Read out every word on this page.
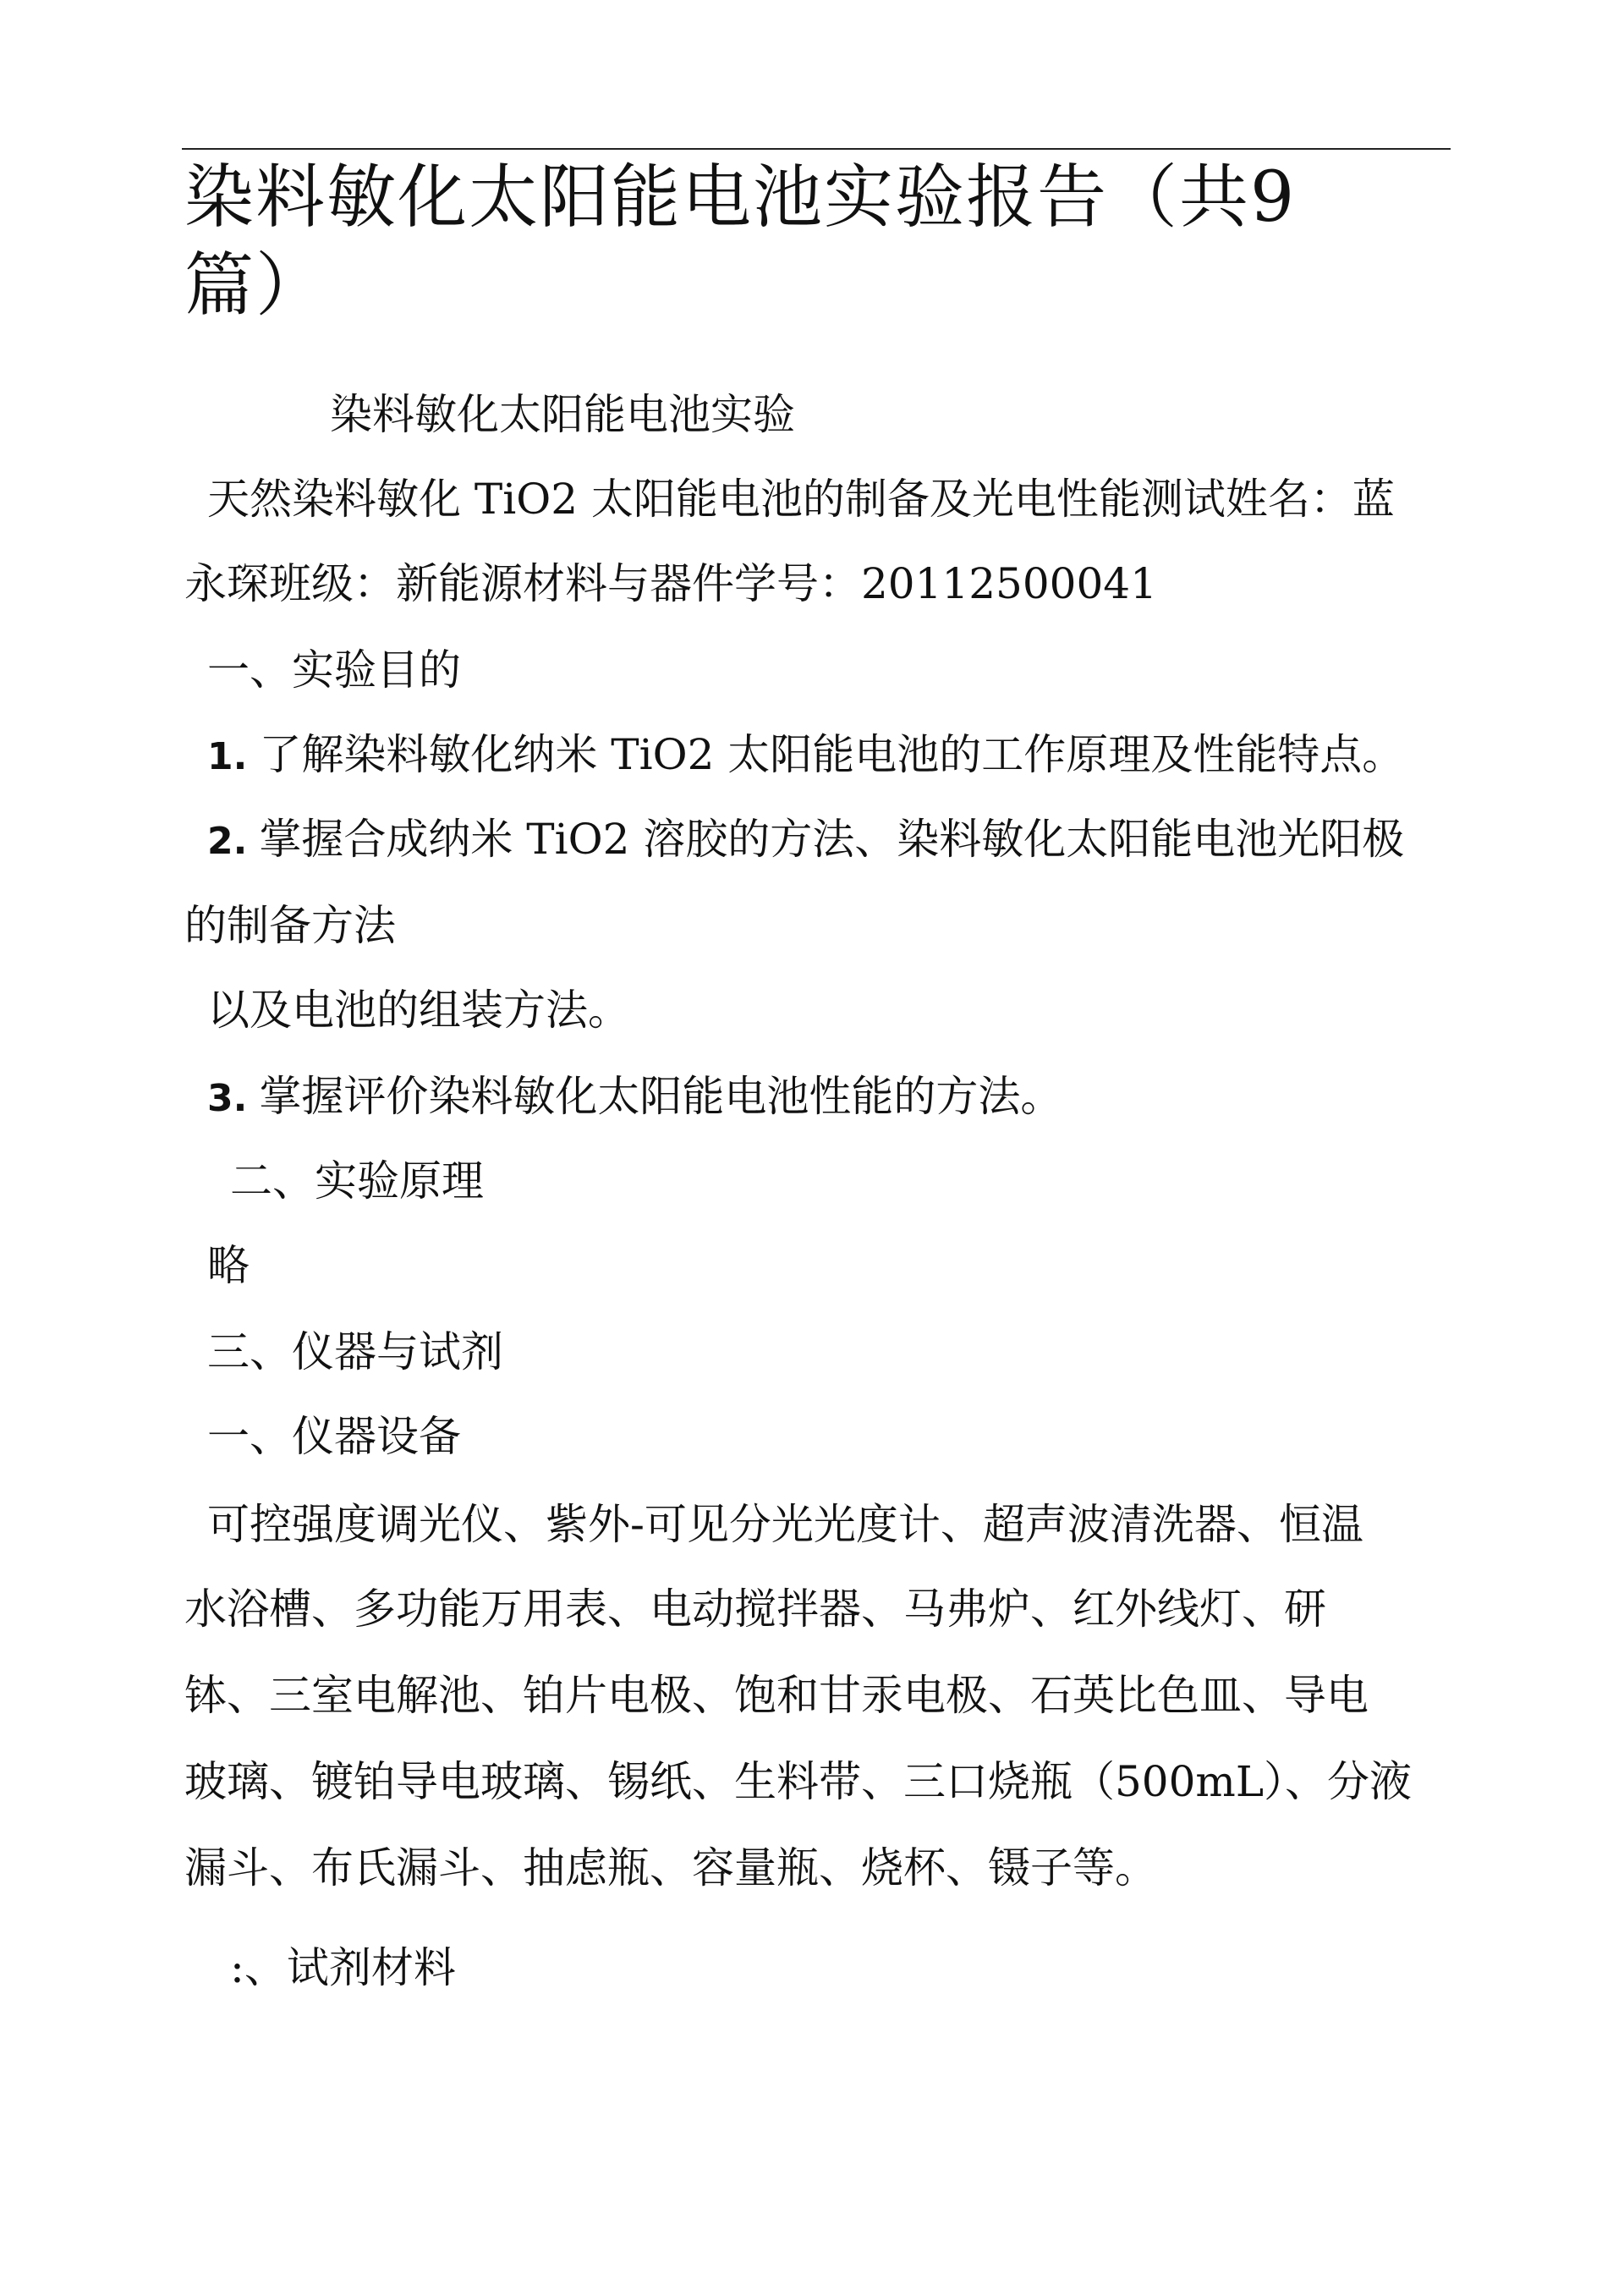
染料敏化太阳能电池实验报告（共9篇）

染料敏化太阳能电池实验

天然染料敏化 TiO2 太阳能电池的制备及光电性能测试姓名：蓝

永琛班级：新能源材料与器件学号：20112500041

一、实验目的

1. 了解染料敏化纳米 TiO2 太阳能电池的工作原理及性能特点。

2. 掌握合成纳米 TiO2 溶胶的方法、染料敏化太阳能电池光阳极

的制备方法

以及电池的组装方法。

3. 掌握评价染料敏化太阳能电池性能的方法。

二、实验原理

略

三、仪器与试剂

一、仪器设备

可控强度调光仪、紫外-可见分光光度计、超声波清洗器、恒温

水浴槽、多功能万用表、电动搅拌器、马弗炉、红外线灯、研

钵、三室电解池、铂片电极、饱和甘汞电极、石英比色皿、导电

玻璃、镀铂导电玻璃、锡纸、生料带、三口烧瓶（500mL）、分液

漏斗、布氏漏斗、抽虑瓶、容量瓶、烧杯、镊子等。

:、试剂材料
